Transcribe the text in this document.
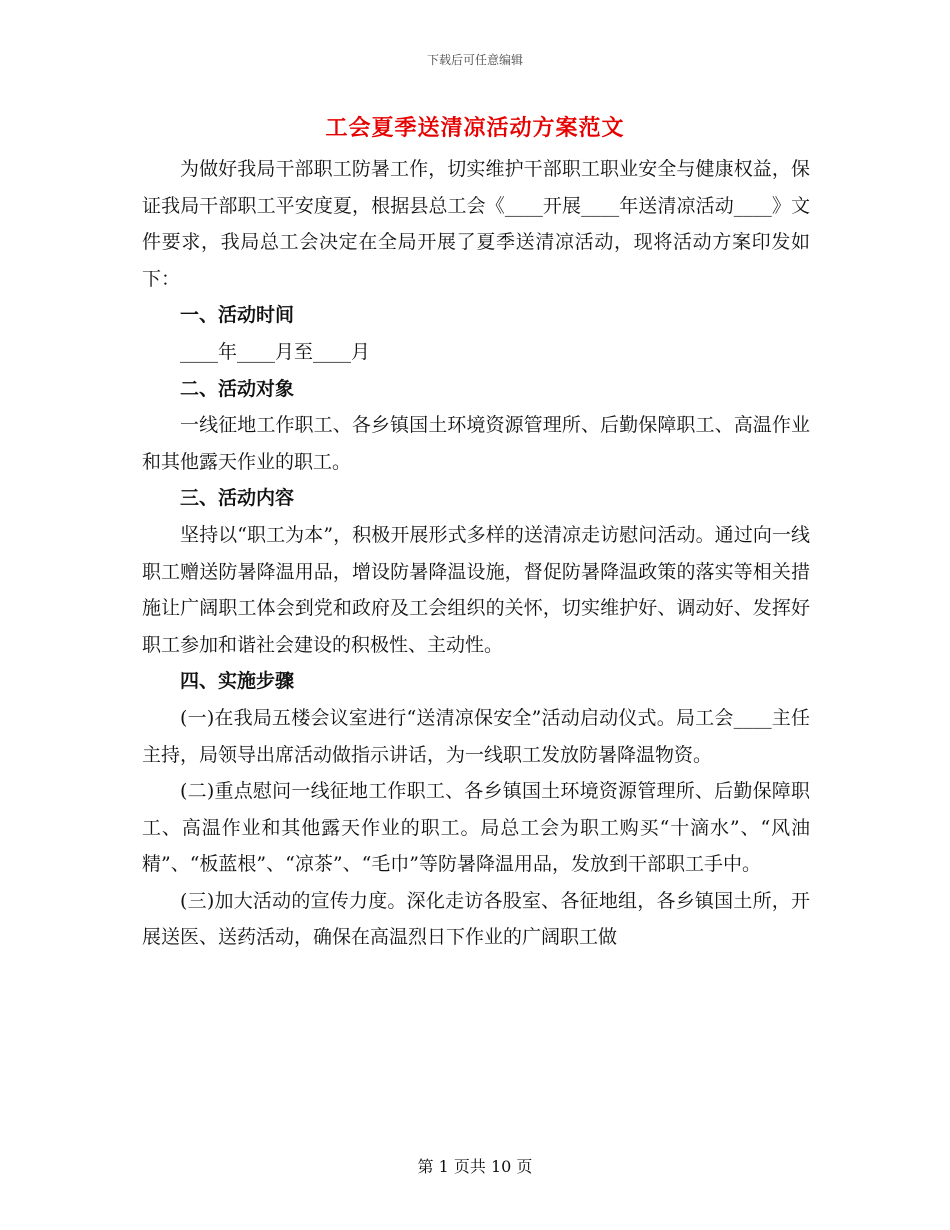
下载后可任意编辑
工会夏季送清凉活动方案范文

为做好我局干部职工防暑工作，切实维护干部职工职业安全与健康权益，保证我局干部职工平安度夏，根据县总工会《____开展____年送清凉活动____》文件要求，我局总工会决定在全局开展了夏季送清凉活动，现将活动方案印发如下：

一、活动时间

____年____月至____月

二、活动对象

一线征地工作职工、各乡镇国土环境资源管理所、后勤保障职工、高温作业和其他露天作业的职工。

三、活动内容

坚持以“职工为本”，积极开展形式多样的送清凉走访慰问活动。通过向一线职工赠送防暑降温用品，增设防暑降温设施，督促防暑降温政策的落实等相关措施让广阔职工体会到党和政府及工会组织的关怀，切实维护好、调动好、发挥好职工参加和谐社会建设的积极性、主动性。

四、实施步骤

(一)在我局五楼会议室进行“送清凉保安全”活动启动仪式。局工会____主任主持，局领导出席活动做指示讲话，为一线职工发放防暑降温物资。

(二)重点慰问一线征地工作职工、各乡镇国土环境资源管理所、后勤保障职工、高温作业和其他露天作业的职工。局总工会为职工购买“十滴水”、“风油精”、“板蓝根”、“凉茶”、“毛巾”等防暑降温用品，发放到干部职工手中。

(三)加大活动的宣传力度。深化走访各股室、各征地组，各乡镇国土所，开展送医、送药活动，确保在高温烈日下作业的广阔职工做

第 1 页共 10 页
